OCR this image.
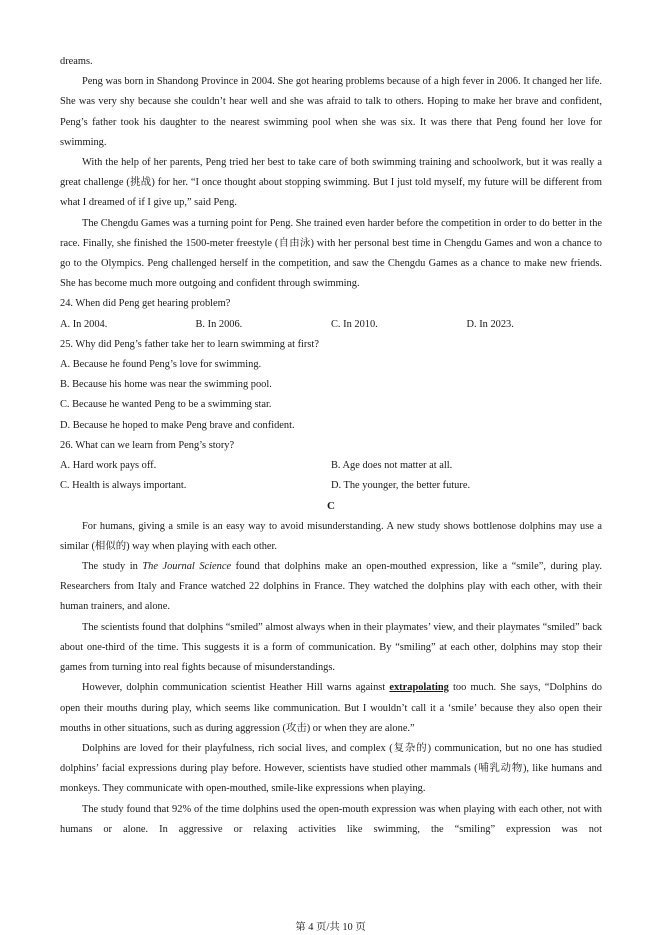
dreams.
Peng was born in Shandong Province in 2004. She got hearing problems because of a high fever in 2006. It changed her life. She was very shy because she couldn’t hear well and she was afraid to talk to others. Hoping to make her brave and confident, Peng’s father took his daughter to the nearest swimming pool when she was six. It was there that Peng found her love for swimming.
With the help of her parents, Peng tried her best to take care of both swimming training and schoolwork, but it was really a great challenge (挑战) for her. “I once thought about stopping swimming. But I just told myself, my future will be different from what I dreamed of if I give up,” said Peng.
The Chengdu Games was a turning point for Peng. She trained even harder before the competition in order to do better in the race. Finally, she finished the 1500-meter freestyle (自由泳) with her personal best time in Chengdu Games and won a chance to go to the Olympics. Peng challenged herself in the competition, and saw the Chengdu Games as a chance to make new friends. She has become much more outgoing and confident through swimming.
24. When did Peng get hearing problem?
A. In 2004.	B. In 2006.	C. In 2010.	D. In 2023.
25. Why did Peng’s father take her to learn swimming at first?
A. Because he found Peng’s love for swimming.
B. Because his home was near the swimming pool.
C. Because he wanted Peng to be a swimming star.
D. Because he hoped to make Peng brave and confident.
26. What can we learn from Peng’s story?
A. Hard work pays off.	B. Age does not matter at all.
C. Health is always important.	D. The younger, the better future.
C
For humans, giving a smile is an easy way to avoid misunderstanding. A new study shows bottlenose dolphins may use a similar (相似的) way when playing with each other.
The study in The Journal Science found that dolphins make an open-mouthed expression, like a “smile”, during play. Researchers from Italy and France watched 22 dolphins in France. They watched the dolphins play with each other, with their human trainers, and alone.
The scientists found that dolphins “smiled” almost always when in their playmates’ view, and their playmates “smiled” back about one-third of the time. This suggests it is a form of communication. By “smiling” at each other, dolphins may stop their games from turning into real fights because of misunderstandings.
However, dolphin communication scientist Heather Hill warns against extrapolating too much. She says, “Dolphins do open their mouths during play, which seems like communication. But I wouldn’t call it a ‘smile’ because they also open their mouths in other situations, such as during aggression (攻击) or when they are alone.”
Dolphins are loved for their playfulness, rich social lives, and complex (复杂的) communication, but no one has studied dolphins’ facial expressions during play before. However, scientists have studied other mammals (哺乳动物), like humans and monkeys. They communicate with open-mouthed, smile-like expressions when playing.
The study found that 92% of the time dolphins used the open-mouth expression was when playing with each other, not with humans or alone. In aggressive or relaxing activities like swimming, the “smiling” expression was not
第 4 页/共 10 页
